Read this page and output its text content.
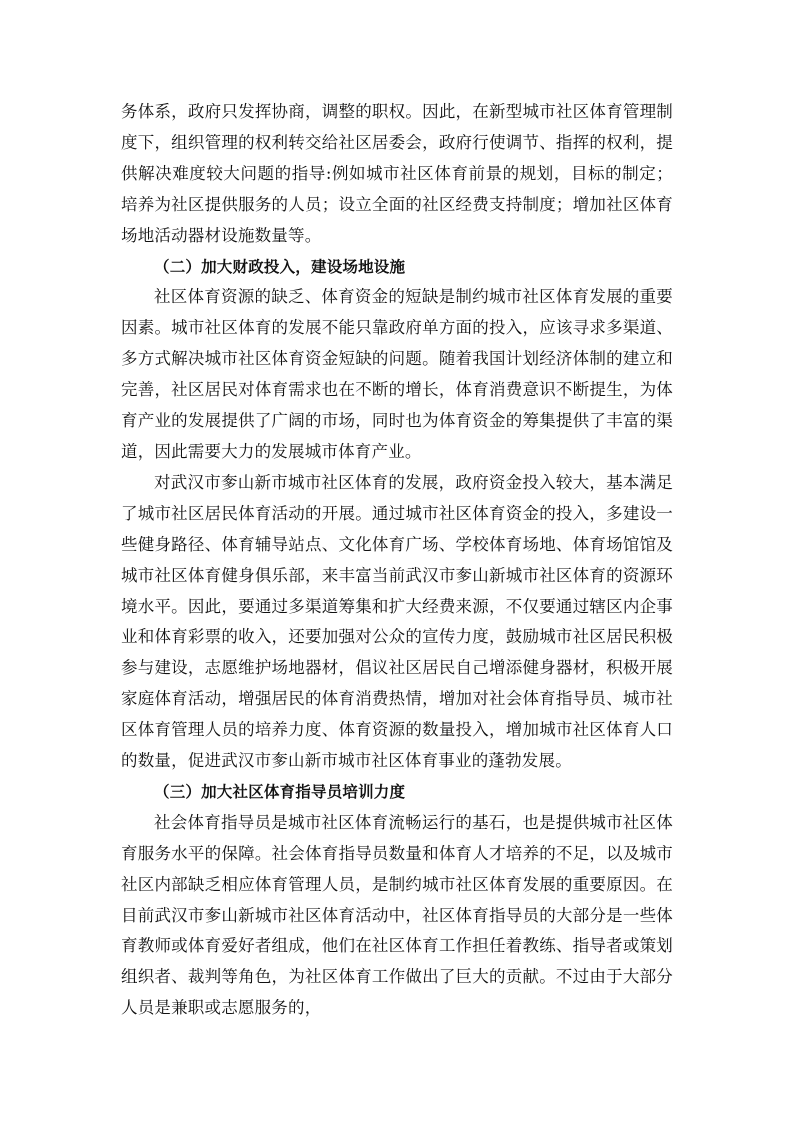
务体系，政府只发挥协商，调整的职权。因此，在新型城市社区体育管理制度下，组织管理的权利转交给社区居委会，政府行使调节、指挥的权利，提供解决难度较大问题的指导:例如城市社区体育前景的规划，目标的制定；培养为社区提供服务的人员；设立全面的社区经费支持制度；增加社区体育场地活动器材设施数量等。

（二）加大财政投入，建设场地设施

社区体育资源的缺乏、体育资金的短缺是制约城市社区体育发展的重要因素。城市社区体育的发展不能只靠政府单方面的投入，应该寻求多渠道、多方式解决城市社区体育资金短缺的问题。随着我国计划经济体制的建立和完善，社区居民对体育需求也在不断的增长，体育消费意识不断提生，为体育产业的发展提供了广阔的市场，同时也为体育资金的筹集提供了丰富的渠道，因此需要大力的发展城市体育产业。

对武汉市奓山新市城市社区体育的发展，政府资金投入较大，基本满足了城市社区居民体育活动的开展。通过城市社区体育资金的投入，多建设一些健身路径、体育辅导站点、文化体育广场、学校体育场地、体育场馆馆及城市社区体育健身俱乐部，来丰富当前武汉市奓山新城市社区体育的资源环境水平。因此，要通过多渠道筹集和扩大经费来源，不仅要通过辖区内企事业和体育彩票的收入，还要加强对公众的宣传力度，鼓励城市社区居民积极参与建设，志愿维护场地器材，倡议社区居民自己增添健身器材，积极开展家庭体育活动，增强居民的体育消费热情，增加对社会体育指导员、城市社区体育管理人员的培养力度、体育资源的数量投入，增加城市社区体育人口的数量，促进武汉市奓山新市城市社区体育事业的蓬勃发展。

（三）加大社区体育指导员培训力度

社会体育指导员是城市社区体育流畅运行的基石，也是提供城市社区体育服务水平的保障。社会体育指导员数量和体育人才培养的不足，以及城市社区内部缺乏相应体育管理人员，是制约城市社区体育发展的重要原因。在目前武汉市奓山新城市社区体育活动中，社区体育指导员的大部分是一些体育教师或体育爱好者组成，他们在社区体育工作担任着教练、指导者或策划组织者、裁判等角色，为社区体育工作做出了巨大的贡献。不过由于大部分人员是兼职或志愿服务的，
